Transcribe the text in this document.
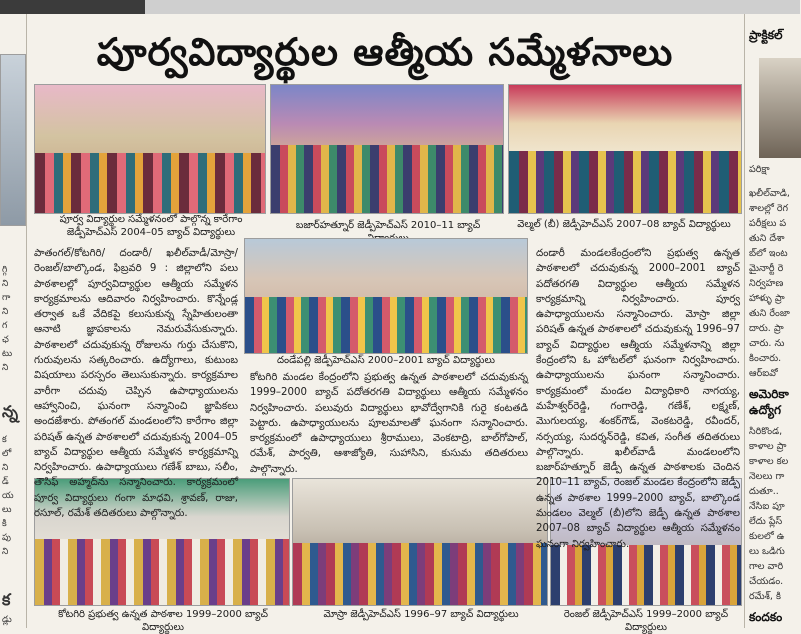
గ్గి
ని
గా
ని
గ
ఛ
టు
ని
న్న
క
లో
ని
డ్
య
లు
కి
పు
ని
క
డ్లు
పూర్వవిద్యార్థుల ఆత్మీయ సమ్మేళనాలు
పూర్వ విద్యార్థుల సమ్మేళనంలో పాల్గొన్న కారేగాం జెడ్పీహెచ్ఎస్ 2004–05 బ్యాచ్ విద్యార్థులు
బజార్‌హత్నూర్ జెడ్పీహెచ్ఎస్ 2010–11 బ్యాచ్	వెల్మల్ (బీ) జెడ్పీహెచ్ఎస్ 2007–08 బ్యాచ్ విద్యార్థులు
దండేపల్లి జెడ్పీహెచ్ఎస్ 2000–2001 బ్యాచ్ విద్యార్థులు
కోటగిరి ప్రభుత్వ ఉన్నత పాఠశాల 1999–2000 బ్యాచ్ విద్యార్థులు
మోస్రా జెడ్పీహెచ్ఎస్ 1996–97 బ్యాచ్ విద్యార్థులు	రెంజల్ జెడ్పీహెచ్ఎస్ 1999–2000 బ్యాచ్ విద్యార్థులు

పాతంగల్/కోటగిరి/ దండారీ/ ఖలీల్‌వాడీ/మోస్రా/ రెంజల్/బాల్కొండ, ఫిబ్రవరి 9 : జిల్లాలోని పలు పాఠశాలల్లో పూర్వవిద్యార్థుల ఆత్మీయ సమ్మేళన కార్యక్రమాలను ఆదివారం నిర్వహించారు. కొన్నేండ్ల తర్వాత ఒకే వేదికపై కలుసుకున్న స్నేహితులంతా ఆనాటి జ్ఞాపకాలను నెమరువేసుకున్నారు. పాఠశాలలో చదువుకున్న రోజులను గుర్తు చేసుకొని, గురువులను సత్కరించారు. ఉద్యోగాలు, కుటుంబ విషయాలు పరస్పరం తెలుసుకున్నారు. కార్యక్రమాల వారీగా చదువు చెప్పిన ఉపాధ్యాయులను ఆహ్వానించి, ఘనంగా సన్మానించి జ్ఞాపికలు అందజేశారు. పోతంగల్ మండలంలోని కారేగాం జిల్లా పరిషత్ ఉన్నత పాఠశాలలో చదువుకున్న 2004–05 బ్యాచ్ విద్యార్థుల ఆత్మీయ సమ్మేళన కార్యక్రమాన్ని నిర్వహించారు. ఉపాధ్యాయులు గణేశ్ బాబు, సలీం, తౌసిఫ్ అహ్మద్‌ను సన్మానించారు. కార్యక్రమంలో పూర్వ విద్యార్థులు గంగా మాధవి, శ్రావణ్, రాజు, రసూల్, రమేశ్ తదితరులు పాల్గొన్నారు.

కోటగిరి మండల కేంద్రంలోని ప్రభుత్వ ఉన్నత పాఠశాలలో చదువుకున్న 1999–2000 బ్యాచ్ పదోతరగతి విద్యార్థులు ఆత్మీయ సమ్మేళనం నిర్వహించారు. పలువురు విద్యార్థులు భావోద్వేగానికి గురై కంటతడి పెట్టారు. ఉపాధ్యాయులను పూలమాలతో ఘనంగా సన్మానించారు. కార్యక్రమంలో ఉపాధ్యాయులు శ్రీరాములు, వెంకటాద్రి, బాల్‌గోపాల్, రమేశ్, పార్వతి, ఆశాజ్యోతి, సుహాసిని, కుసుమ తదితరులు పాల్గొన్నారు.

దండారీ మండలకేంద్రంలోని ప్రభుత్వ ఉన్నత పాఠశాలలో చదువుకున్న 2000–2001 బ్యాచ్ పదోతరగతి విద్యార్థుల ఆత్మీయ సమ్మేళన కార్యక్రమాన్ని నిర్వహించారు. పూర్వ ఉపాధ్యాయులను సన్మానించారు. మోస్రా జిల్లా పరిషత్ ఉన్నత పాఠశాలలో చదువుకున్న 1996–97 బ్యాచ్ విద్యార్థుల ఆత్మీయ సమ్మేళనాన్ని జిల్లా కేంద్రంలోని ఓ హోటల్‌లో ఘనంగా నిర్వహించారు. ఉపాధ్యాయులను ఘనంగా సన్మానించారు. కార్యక్రమంలో మండల విద్యాధికారి నాగయ్య, మహేశ్వర్‌రెడ్డి, గంగారెడ్డి, గణేశ్, లక్ష్మణ్, మొగులయ్య, శంకర్‌గౌడ్, వెంకటరెడ్డి, రవీందర్, నర్సయ్య, సుదర్శన్‌రెడ్డి, కవిత, సంగీత తదితరులు పాల్గొన్నారు. ఖలీల్‌వాడీ మండలంలోని బజార్‌హత్నూర్ జెడ్పీ ఉన్నత పాఠశాలకు చెందిన 2010–11 బ్యాచ్, రెంజల్ మండల కేంద్రంలోని జెడ్పీ ఉన్నత పాఠశాల 1999–2000 బ్యాచ్, బాల్కొండ మండలం వెల్మల్ (బీ)లోని జెడ్పీ ఉన్నత పాఠశాల 2007–08 బ్యాచ్ విద్యార్థుల ఆత్మీయ సమ్మేళనం ఘనంగా నిర్వహించారు.

ప్రాక్టికల్
పరిక్షా
ఖలీల్‌వాడి,
శాలల్లో రెగ
పరీక్షలు ప
తుని దేశా
బ్‌లో ఇంట
మైనార్టీ రె
నిర్వహణ
హాళ్ళు ప్రా
తుని రేంజా
దారు. ప్రా
చారు. ను
కించారు.
ఆర్‌ఐవో
అమెరికా ఉద్యోగ
సిరికొండ,
కాళాల ప్రా
కాళాల కల
నెలలు గా
దుతూ..
నేసిఐ పూ
లేదు ప్లేస్
కులలో ఉ
లు ఒడిగు
గాల వారి
చేయడం.
రమేశ్, కి
కందకం
